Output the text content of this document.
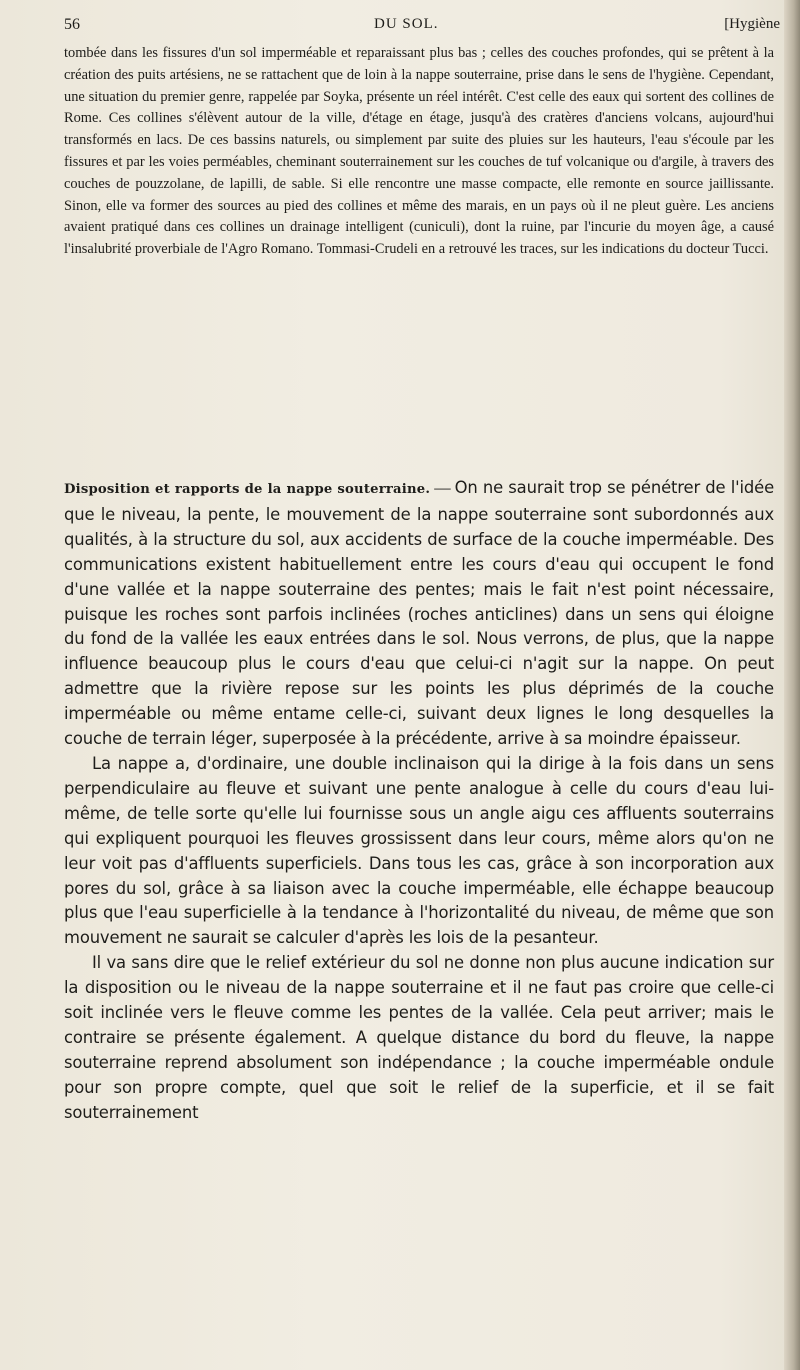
56	DU SOL.	[Hygiène

tombée dans les fissures d'un sol imperméable et reparaissant plus bas ; celles des couches profondes, qui se prêtent à la création des puits artésiens, ne se rattachent que de loin à la nappe souterraine, prise dans le sens de l'hygiène. Cependant, une situation du premier genre, rappelée par Soyka, présente un réel intérêt. C'est celle des eaux qui sortent des collines de Rome. Ces collines s'élèvent autour de la ville, d'étage en étage, jusqu'à des cratères d'anciens volcans, aujourd'hui transformés en lacs. De ces bassins naturels, ou simplement par suite des pluies sur les hauteurs, l'eau s'écoule par les fissures et par les voies perméables, cheminant souterrainement sur les couches de tuf volcanique ou d'argile, à travers des couches de pouzzolane, de lapilli, de sable. Si elle rencontre une masse compacte, elle remonte en source jaillissante. Sinon, elle va former des sources au pied des collines et même des marais, en un pays où il ne pleut guère. Les anciens avaient pratiqué dans ces collines un drainage intelligent (cuniculi), dont la ruine, par l'incurie du moyen âge, a causé l'insalubrité proverbiale de l'Agro Romano. Tommasi-Crudeli en a retrouvé les traces, sur les indications du docteur Tucci.

Disposition et rapports de la nappe souterraine. — On ne saurait trop se pénétrer de l'idée que le niveau, la pente, le mouvement de la nappe souterraine sont subordonnés aux qualités, à la structure du sol, aux accidents de surface de la couche imperméable. Des communications existent habituellement entre les cours d'eau qui occupent le fond d'une vallée et la nappe souterraine des pentes; mais le fait n'est point nécessaire, puisque les roches sont parfois inclinées (roches anticlines) dans un sens qui éloigne du fond de la vallée les eaux entrées dans le sol. Nous verrons, de plus, que la nappe influence beaucoup plus le cours d'eau que celui-ci n'agit sur la nappe. On peut admettre que la rivière repose sur les points les plus déprimés de la couche imperméable ou même entame celle-ci, suivant deux lignes le long desquelles la couche de terrain léger, superposée à la précédente, arrive à sa moindre épaisseur.

La nappe a, d'ordinaire, une double inclinaison qui la dirige à la fois dans un sens perpendiculaire au fleuve et suivant une pente analogue à celle du cours d'eau lui-même, de telle sorte qu'elle lui fournisse sous un angle aigu ces affluents souterrains qui expliquent pourquoi les fleuves grossissent dans leur cours, même alors qu'on ne leur voit pas d'affluents superficiels. Dans tous les cas, grâce à son incorporation aux pores du sol, grâce à sa liaison avec la couche imperméable, elle échappe beaucoup plus que l'eau superficielle à la tendance à l'horizontalité du niveau, de même que son mouvement ne saurait se calculer d'après les lois de la pesanteur.

Il va sans dire que le relief extérieur du sol ne donne non plus aucune indication sur la disposition ou le niveau de la nappe souterraine et il ne faut pas croire que celle-ci soit inclinée vers le fleuve comme les pentes de la vallée. Cela peut arriver; mais le contraire se présente également. A quelque distance du bord du fleuve, la nappe souterraine reprend absolument son indépendance ; la couche imperméable ondule pour son propre compte, quel que soit le relief de la superficie, et il se fait souterrainement
